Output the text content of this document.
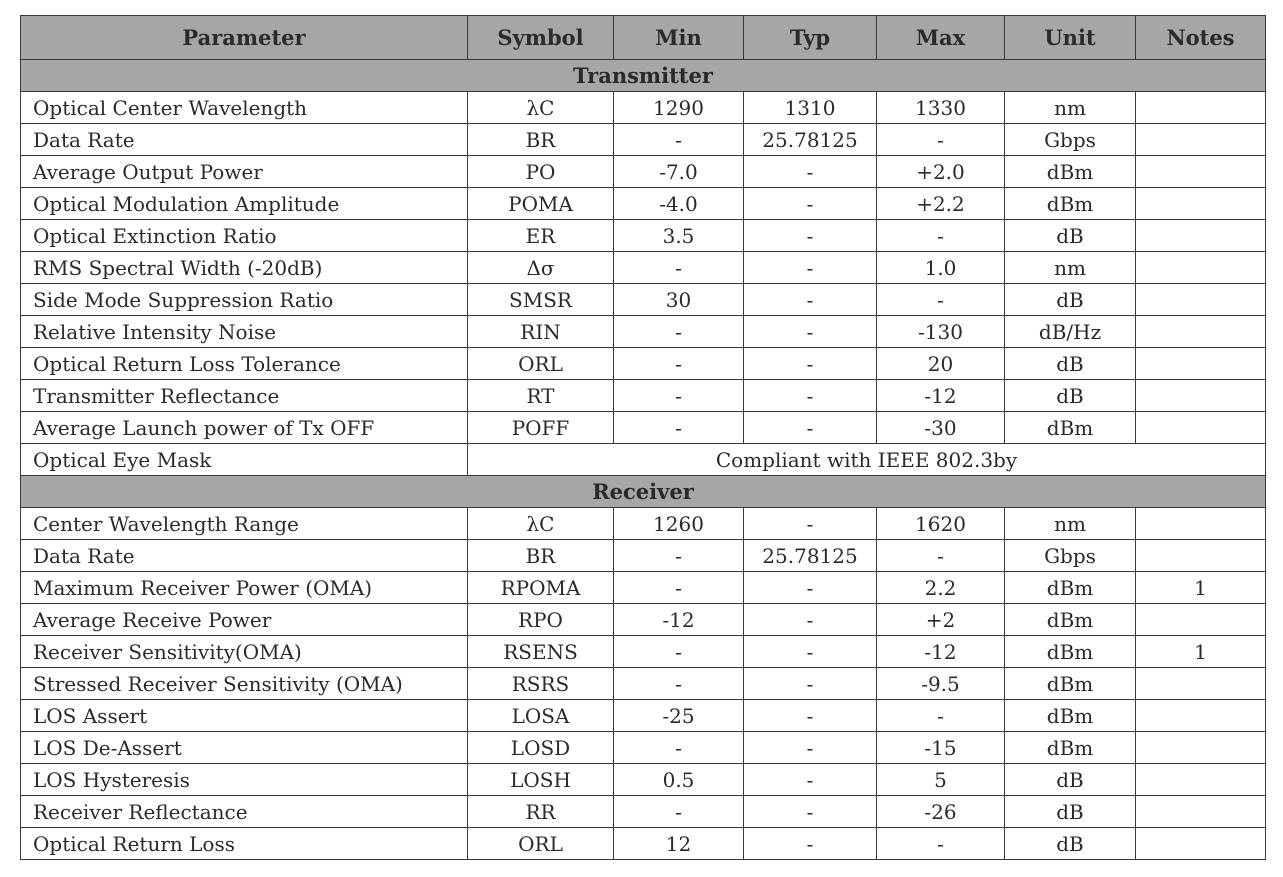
Parameter	Symbol	Min	Typ	Max	Unit	Notes
Transmitter						
Optical Center Wavelength	λC	1290	1310	1330	nm	
Data Rate	BR	-	25.78125	-	Gbps	
Average Output Power	PO	-7.0	-	+2.0	dBm	
Optical Modulation Amplitude	POMA	-4.0	-	+2.2	dBm	
Optical Extinction Ratio	ER	3.5	-	-	dB	
RMS Spectral Width (-20dB)	Δσ	-	-	1.0	nm	
Side Mode Suppression Ratio	SMSR	30	-	-	dB	
Relative Intensity Noise	RIN	-	-	-130	dB/Hz	
Optical Return Loss Tolerance	ORL	-	-	20	dB	
Transmitter Reflectance	RT	-	-	-12	dB	
Average Launch power of Tx OFF	POFF	-	-	-30	dBm	
Optical Eye Mask	Compliant with IEEE 802.3by					
Receiver						
Center Wavelength Range	λC	1260	-	1620	nm	
Data Rate	BR	-	25.78125	-	Gbps	
Maximum Receiver Power (OMA)	RPOMA	-	-	2.2	dBm	1
Average Receive Power	RPO	-12	-	+2	dBm	
Receiver Sensitivity(OMA)	RSENS	-	-	-12	dBm	1
Stressed Receiver Sensitivity (OMA)	RSRS	-	-	-9.5	dBm	
LOS Assert	LOSA	-25	-	-	dBm	
LOS De-Assert	LOSD	-	-	-15	dBm	
LOS Hysteresis	LOSH	0.5	-	5	dB	
Receiver Reflectance	RR	-	-	-26	dB	
Optical Return Loss	ORL	12	-	-	dB	
